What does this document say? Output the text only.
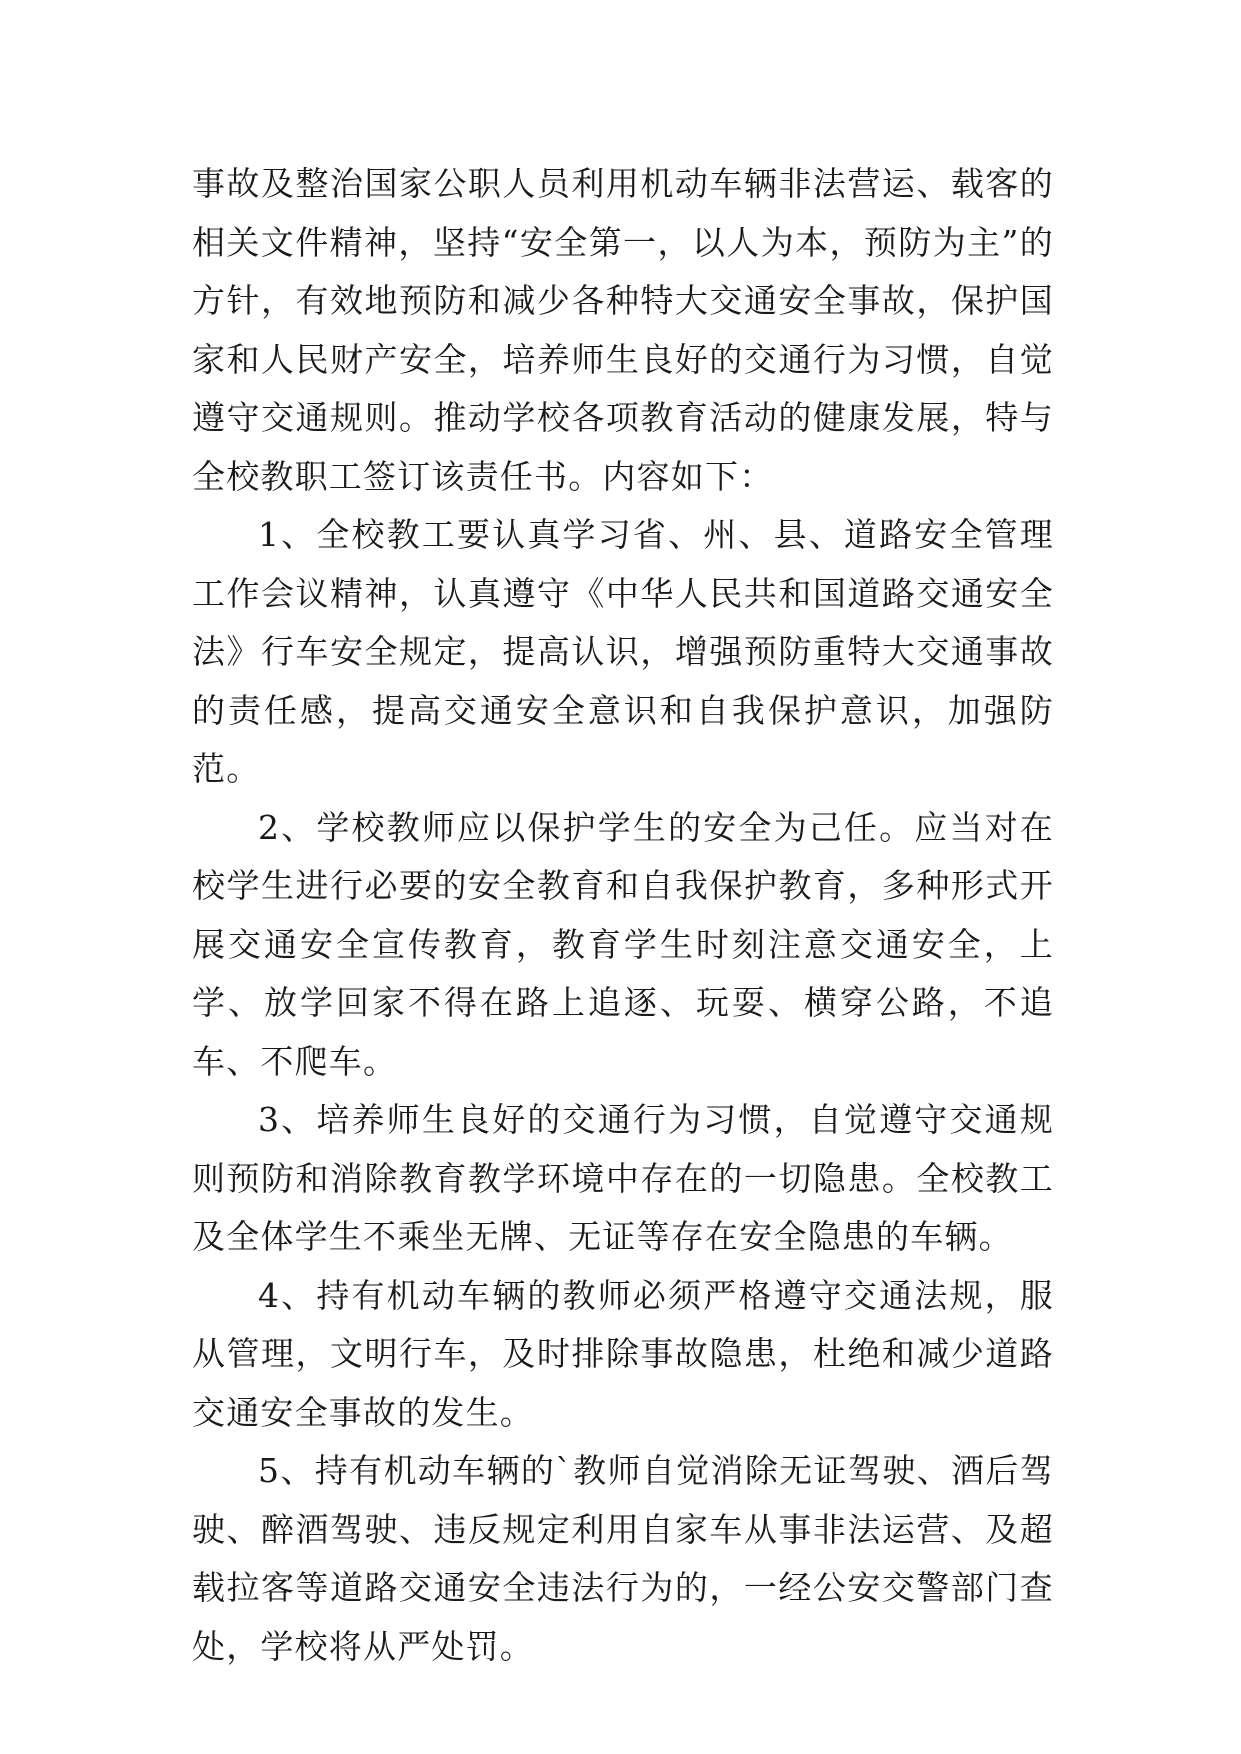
事故及整治国家公职人员利用机动车辆非法营运、载客的相关文件精神，坚持“安全第一，以人为本，预防为主”的方针，有效地预防和减少各种特大交通安全事故，保护国家和人民财产安全，培养师生良好的交通行为习惯，自觉遵守交通规则。推动学校各项教育活动的健康发展，特与全校教职工签订该责任书。内容如下：

1、全校教工要认真学习省、州、县、道路安全管理工作会议精神，认真遵守《中华人民共和国道路交通安全法》行车安全规定，提高认识，增强预防重特大交通事故的责任感，提高交通安全意识和自我保护意识，加强防范。

2、学校教师应以保护学生的安全为己任。应当对在校学生进行必要的安全教育和自我保护教育，多种形式开展交通安全宣传教育，教育学生时刻注意交通安全，上学、放学回家不得在路上追逐、玩耍、横穿公路，不追车、不爬车。

3、培养师生良好的交通行为习惯，自觉遵守交通规则预防和消除教育教学环境中存在的一切隐患。全校教工及全体学生不乘坐无牌、无证等存在安全隐患的车辆。

4、持有机动车辆的教师必须严格遵守交通法规，服从管理，文明行车，及时排除事故隐患，杜绝和减少道路交通安全事故的发生。

5、持有机动车辆的`教师自觉消除无证驾驶、酒后驾驶、醉酒驾驶、违反规定利用自家车从事非法运营、及超载拉客等道路交通安全违法行为的，一经公安交警部门查处，学校将从严处罚。
